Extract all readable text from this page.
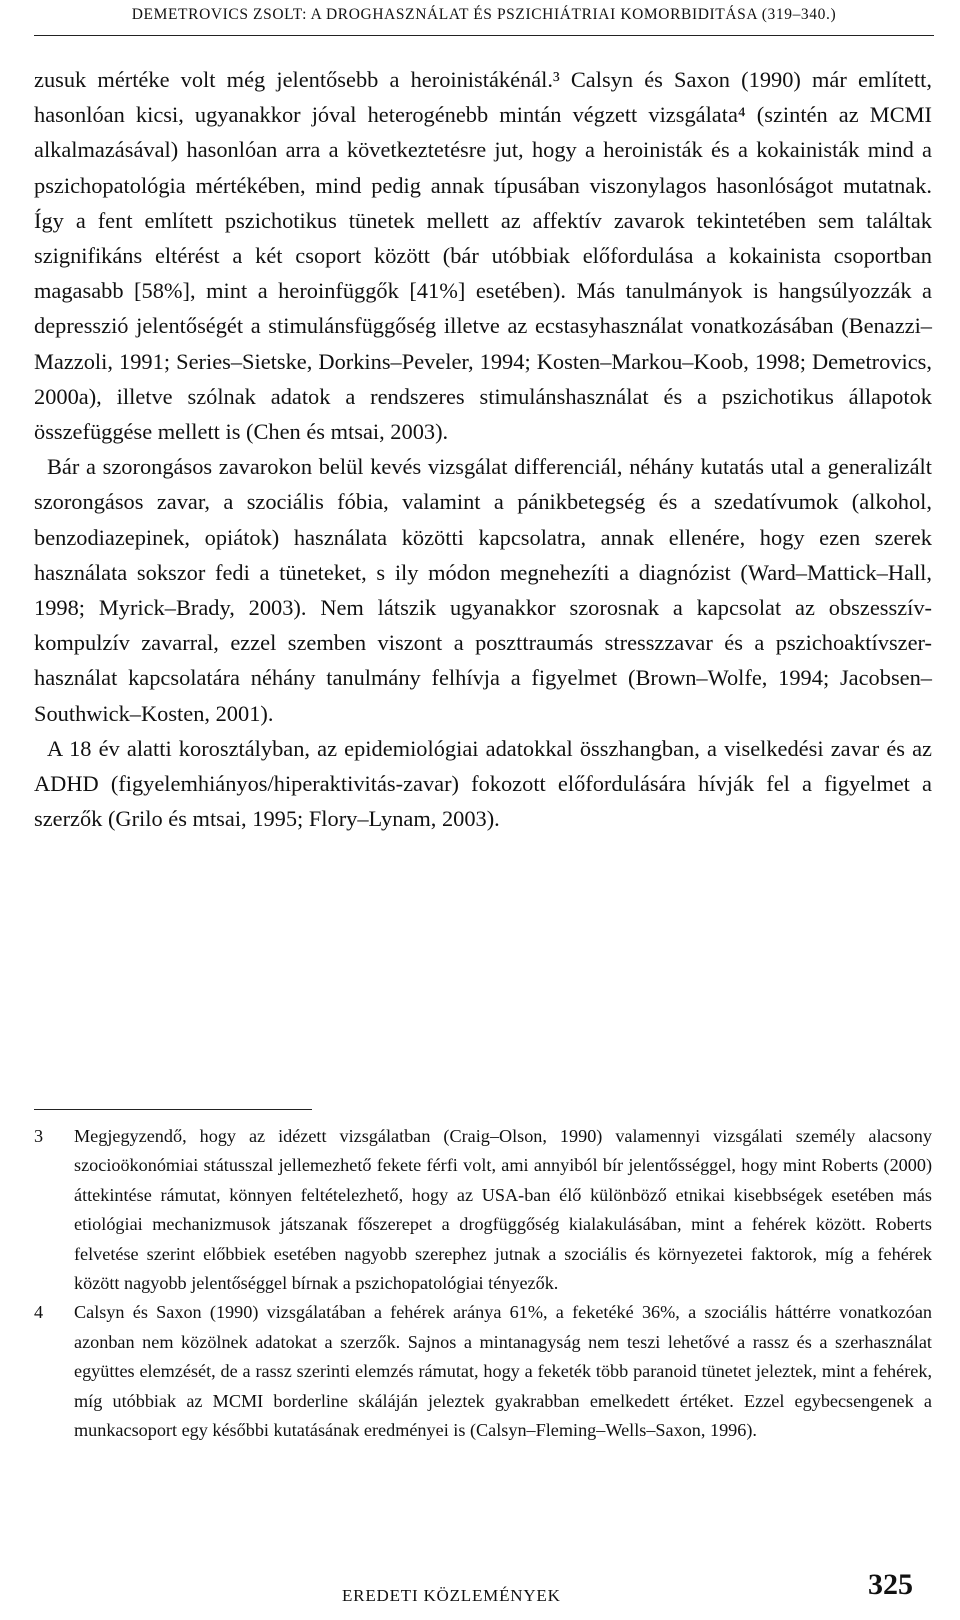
DEMETROVICS ZSOLT: A DROGHASZNÁLAT ÉS PSZICHIÁTRIAI KOMORBIDITÁSA (319–340.)

zusuk mértéke volt még jelentősebb a heroinistákénál.³ Calsyn és Saxon (1990) már említett, hasonlóan kicsi, ugyanakkor jóval heterogénebb mintán végzett vizsgálata⁴ (szintén az MCMI alkalmazásával) hasonlóan arra a következtetésre jut, hogy a heroinisták és a kokainisták mind a pszichopatológia mértékében, mind pedig annak típusában viszonylagos hasonlóságot mutatnak. Így a fent említett pszichotikus tünetek mellett az affektív zavarok tekintetében sem találtak szignifikáns eltérést a két csoport között (bár utóbbiak előfordulása a kokainista csoportban magasabb [58%], mint a heroinfüggők [41%] esetében). Más tanulmányok is hangsúlyozzák a depresszió jelentőségét a stimulánsfüggőség illetve az ecstasyhasználat vonatkozásában (Benazzi–Mazzoli, 1991; Series–Sietske, Dorkins–Peveler, 1994; Kosten–Markou–Koob, 1998; Demetrovics, 2000a), illetve szólnak adatok a rendszeres stimulánshasználat és a pszichotikus állapotok összefüggése mellett is (Chen és mtsai, 2003).

Bár a szorongásos zavarokon belül kevés vizsgálat differenciál, néhány kutatás utal a generalizált szorongásos zavar, a szociális fóbia, valamint a pánikbetegség és a szedatívumok (alkohol, benzodiazepinek, opiátok) használata közötti kapcsolatra, annak ellenére, hogy ezen szerek használata sokszor fedi a tüneteket, s ily módon megnehezíti a diagnózist (Ward–Mattick–Hall, 1998; Myrick–Brady, 2003). Nem látszik ugyanakkor szorosnak a kapcsolat az obszesszív-kompulzív zavarral, ezzel szemben viszont a poszttraumás stresszzavar és a pszichoaktívszer-használat kapcsolatára néhány tanulmány felhívja a figyelmet (Brown–Wolfe, 1994; Jacobsen–Southwick–Kosten, 2001).

A 18 év alatti korosztályban, az epidemiológiai adatokkal összhangban, a viselkedési zavar és az ADHD (figyelemhiányos/hiperaktivitás-zavar) fokozott előfordulására hívják fel a figyelmet a szerzők (Grilo és mtsai, 1995; Flory–Lynam, 2003).

3	Megjegyzendő, hogy az idézett vizsgálatban (Craig–Olson, 1990) valamennyi vizsgálati személy alacsony szocioökonómiai státusszal jellemezhető fekete férfi volt, ami annyiból bír jelentősséggel, hogy mint Roberts (2000) áttekintése rámutat, könnyen feltételezhető, hogy az USA-ban élő különböző etnikai kisebbségek esetében más etiológiai mechanizmusok játszanak főszerepet a drogfüggőség kialakulásában, mint a fehérek között. Roberts felvetése szerint előbbiek esetében nagyobb szerephez jutnak a szociális és környezetei faktorok, míg a fehérek között nagyobb jelentőséggel bírnak a pszichopatológiai tényezők.
4	Calsyn és Saxon (1990) vizsgálatában a fehérek aránya 61%, a feketéké 36%, a szociális háttérre vonatkozóan azonban nem közölnek adatokat a szerzők. Sajnos a mintanagyság nem teszi lehetővé a rassz és a szerhasználat együttes elemzését, de a rassz szerinti elemzés rámutat, hogy a feketék több paranoid tünetet jeleztek, mint a fehérek, míg utóbbiak az MCMI borderline skáláján jeleztek gyakrabban emelkedett értéket. Ezzel egybecsengenek a munkacsoport egy későbbi kutatásának eredményei is (Calsyn–Fleming–Wells–Saxon, 1996).
EREDETI KÖZLEMÉNYEK	325
